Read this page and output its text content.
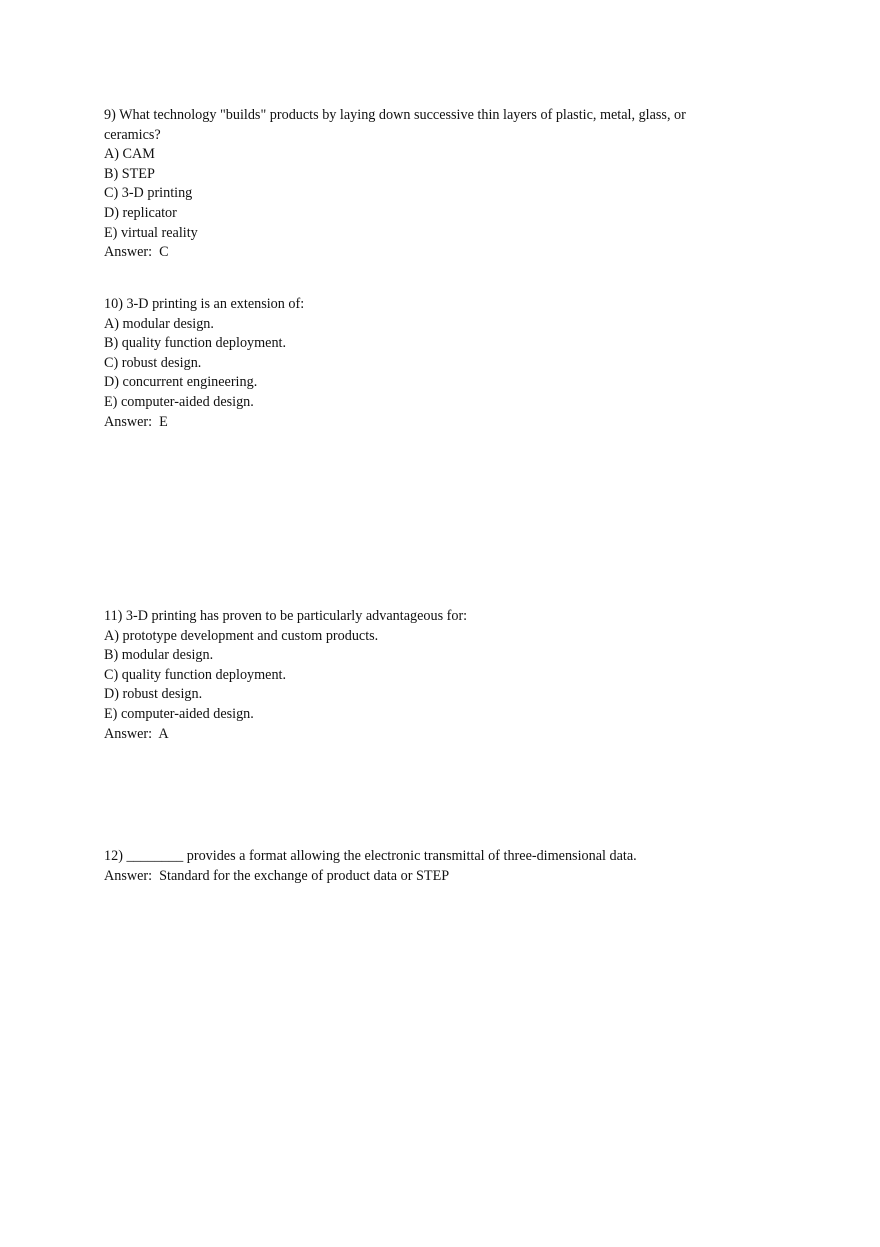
9) What technology "builds" products by laying down successive thin layers of plastic, metal, glass, or ceramics?
A) CAM
B) STEP
C) 3-D printing
D) replicator
E) virtual reality
Answer:  C
10) 3-D printing is an extension of:
A) modular design.
B) quality function deployment.
C) robust design.
D) concurrent engineering.
E) computer-aided design.
Answer:  E
11) 3-D printing has proven to be particularly advantageous for:
A) prototype development and custom products.
B) modular design.
C) quality function deployment.
D) robust design.
E) computer-aided design.
Answer:  A
12) ________ provides a format allowing the electronic transmittal of three-dimensional data.
Answer:  Standard for the exchange of product data or STEP
